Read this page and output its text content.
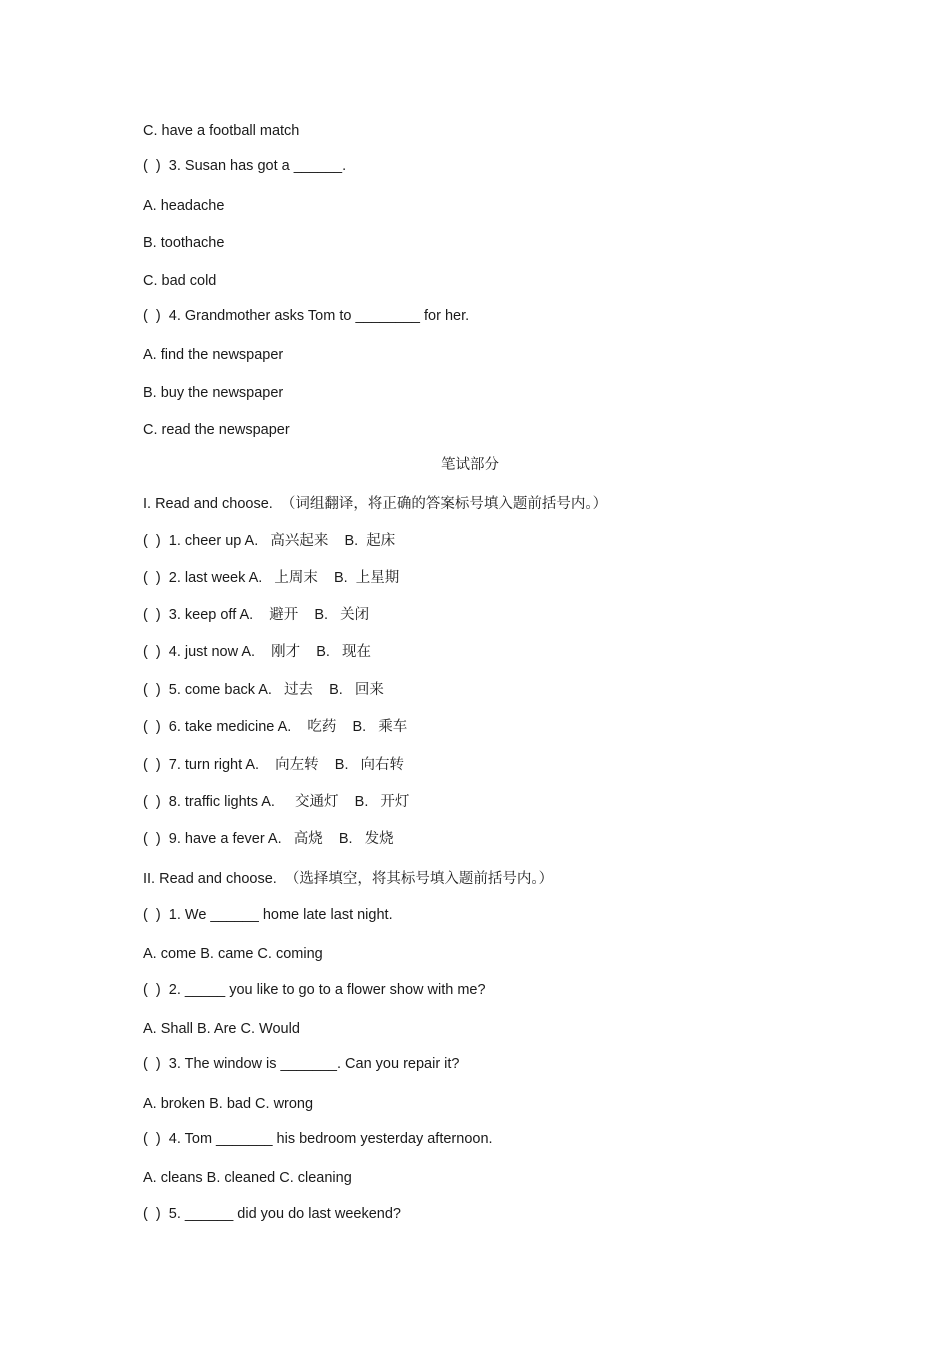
C. have a football match
(  )  3. Susan has got a ______.
A. headache
B. toothache
C. bad cold
(  )  4. Grandmother asks Tom to ________ for her.
A. find the newspaper
B. buy the newspaper
C. read the newspaper
笔试部分
I. Read and choose.  （词组翻译，将正确的答案标号填入题前括号内。）
(  )  1. cheer up A.   高兴起来    B.  起床
(  )  2. last week A.   上周末    B.  上星期
(  )  3. keep off A.    避开    B.   关闭
(  )  4. just now A.    刚才    B.   现在
(  )  5. come back A.   过去    B.   回来
(  )  6. take medicine A.    吃药    B.   乘车
(  )  7. turn right A.    向左转    B.   向右转
(  )  8. traffic lights A.     交通灯    B.   开灯
(  )  9. have a fever A.   高烧    B.   发烧
II. Read and choose.  （选择填空，将其标号填入题前括号内。）
(  )  1. We ______ home late last night.
A. come B. came C. coming
(  )  2. _____ you like to go to a flower show with me?
A. Shall B. Are C. Would
(  )  3. The window is _______. Can you repair it?
A. broken B. bad C. wrong
(  )  4. Tom _______ his bedroom yesterday afternoon.
A. cleans B. cleaned C. cleaning
(  )  5. ______ did you do last weekend?
